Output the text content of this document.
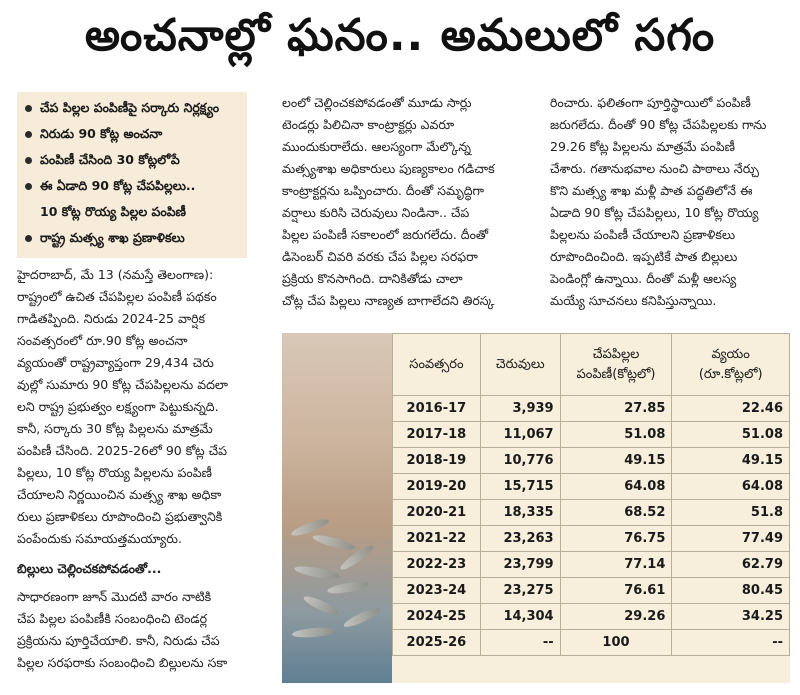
అంచనాల్లో ఘనం.. అమలులో సగం
చేప పిల్లల పంపిణీపై సర్కారు నిర్లక్ష్యం
నిరుడు 90 కోట్ల అంచనా
పంపిణీ చేసింది 30 కోట్లలోపే
ఈ ఏడాది 90 కోట్ల చేపపిల్లలు..
10 కోట్ల రొయ్య పిల్లల పంపిణీ
రాష్ట్ర మత్స్య శాఖ ప్రణాళికలు

హైదరాబాద్, మే 13 (నమస్తే తెలంగాణ):

రాష్ట్రంలో ఉచిత చేపపిల్లల పంపిణీ పథకం

గాడితప్పింది. నిరుడు 2024-25 వార్షిక

సంవత్సరంలో రూ.90 కోట్ల అంచనా

వ్యయంతో రాష్ట్రవ్యాప్తంగా 29,434 చెరు

వుల్లో సుమారు 90 కోట్ల చేపపిల్లలను వదలా

లని రాష్ట్ర ప్రభుత్వం లక్ష్యంగా పెట్టుకున్నది.

కానీ, సర్కారు 30 కోట్ల పిల్లలను మాత్రమే

పంపిణీ చేసింది. 2025-26లో 90 కోట్ల చేప

పిల్లలు, 10 కోట్ల రొయ్య పిల్లలను పంపిణీ

చేయాలని నిర్ణయించిన మత్స్య శాఖ అధికా

రులు ప్రణాళికలు రూపొందించి ప్రభుత్వానికి

పంపేందుకు సమాయత్తమయ్యారు.

బిల్లులు చెల్లించకపోవడంతో...

సాధారణంగా జూన్ మొదటి వారం నాటికి

చేప పిల్లల పంపిణీకి సంబంధించి టెండర్ల

ప్రక్రియను పూర్తిచేయాలి. కానీ, నిరుడు చేప

పిల్లల సరఫరాకు సంబంధించి బిల్లులను సకా

లంలో చెల్లించకపోవడంతో మూడు సార్లు

టెండర్లు పిలిచినా కాంట్రాక్టర్లు ఎవరూ

ముందుకురాలేదు. ఆలస్యంగా మేల్కొన్న

మత్స్యశాఖ అధికారులు పుణ్యకాలం గడిచాక

కాంట్రాక్టర్లను ఒప్పించారు. దీంతో సమృద్ధిగా

వర్షాలు కురిసి చెరువులు నిండినా.. చేప

పిల్లల పంపిణీ సకాలంలో జరుగలేదు. దీంతో

డిసెంబర్ చివరి వరకు చేప పిల్లల సరఫరా

ప్రక్రియ కొనసాగింది. దానికితోడు చాలా

చోట్ల చేప పిల్లలు నాణ్యత బాగాలేదని తిరస్క

రించారు. ఫలితంగా పూర్తిస్థాయిలో పంపిణీ

జరుగలేదు. దీంతో 90 కోట్ల చేపపిల్లలకు గాను

29.26 కోట్ల పిల్లలను మాత్రమే పంపిణీ

చేశారు. గతానుభవాల నుంచి పాఠాలు నేర్చు

కొని మత్స్య శాఖ మళ్లీ పాత పద్ధతిలోనే ఈ

ఏడాది 90 కోట్ల చేపపిల్లలు, 10 కోట్ల రొయ్య

పిల్లలను పంపిణీ చేయాలని ప్రణాళికలు

రూపొందించింది. ఇప్పటికే పాత బిల్లులు

పెండింగ్లో ఉన్నాయి. దీంతో మళ్లీ ఆలస్య

మయ్యే సూచనలు కనిపిస్తున్నాయి.

సంవత్సరం	చెరువులు	చేపపిల్లల
పంపిణీ(కోట్లలో)	వ్యయం
(రూ.కోట్లలో)

2016-17	3,939	27.85	22.46
2017-18	11,067	51.08	51.08
2018-19	10,776	49.15	49.15
2019-20	15,715	64.08	64.08
2020-21	18,335	68.52	51.8
2021-22	23,263	76.75	77.49
2022-23	23,799	77.14	62.79
2023-24	23,275	76.61	80.45
2024-25	14,304	29.26	34.25
2025-26	--	100	--
